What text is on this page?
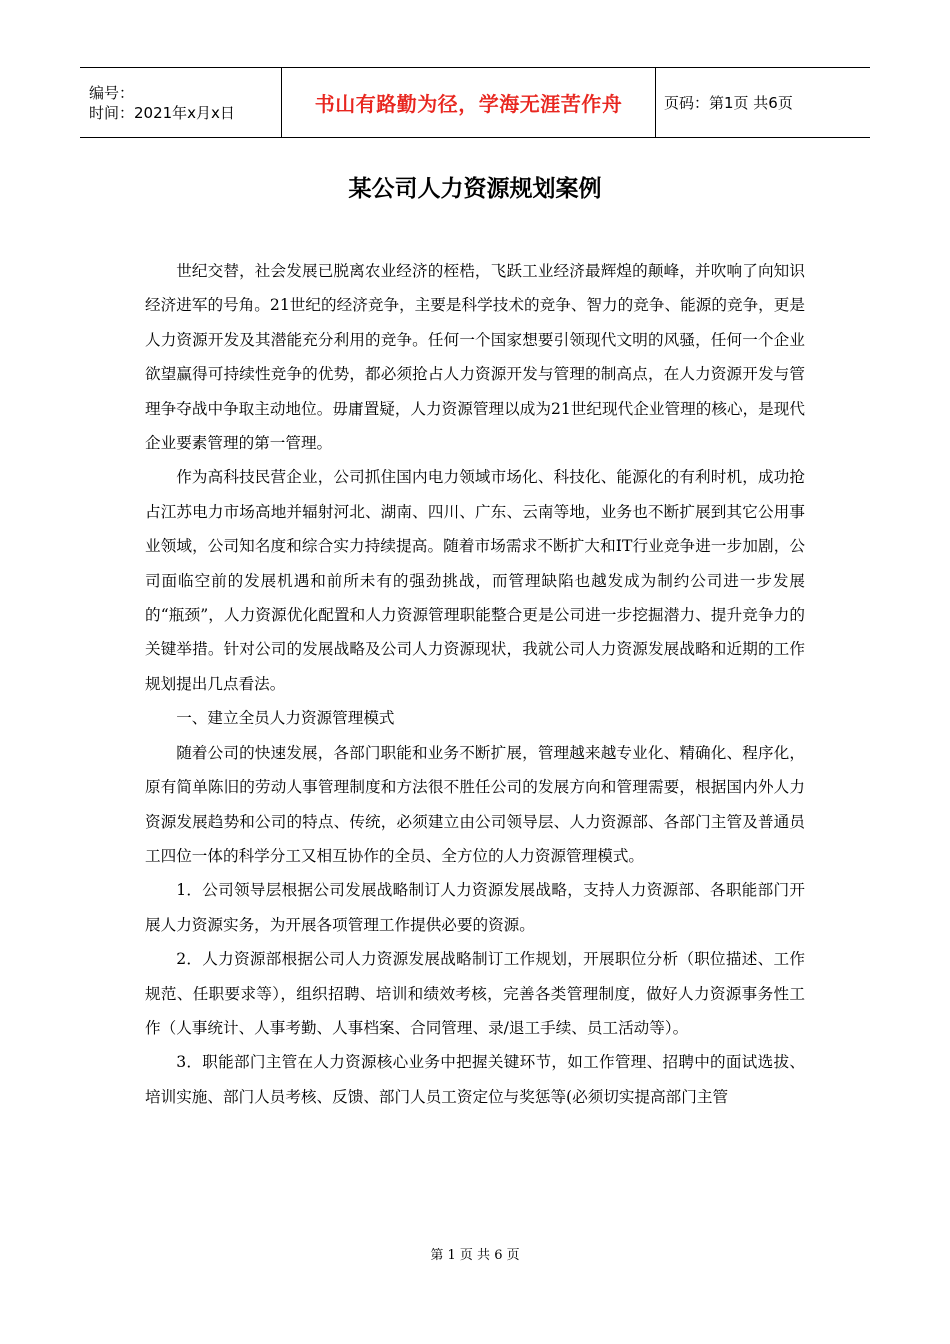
编号：
时间：2021年x月x日	书山有路勤为径，学海无涯苦作舟	页码：第1页 共6页
某公司人力资源规划案例

世纪交替，社会发展已脱离农业经济的桎梏，飞跃工业经济最辉煌的颠峰，并吹响了向知识经济进军的号角。21世纪的经济竞争，主要是科学技术的竞争、智力的竞争、能源的竞争，更是人力资源开发及其潜能充分利用的竞争。任何一个国家想要引领现代文明的风骚，任何一个企业欲望赢得可持续性竞争的优势，都必须抢占人力资源开发与管理的制高点，在人力资源开发与管理争夺战中争取主动地位。毋庸置疑，人力资源管理以成为21世纪现代企业管理的核心，是现代企业要素管理的第一管理。

作为高科技民营企业，公司抓住国内电力领域市场化、科技化、能源化的有利时机，成功抢占江苏电力市场高地并辐射河北、湖南、四川、广东、云南等地，业务也不断扩展到其它公用事业领域，公司知名度和综合实力持续提高。随着市场需求不断扩大和IT行业竞争进一步加剧，公司面临空前的发展机遇和前所未有的强劲挑战，而管理缺陷也越发成为制约公司进一步发展的“瓶颈”，人力资源优化配置和人力资源管理职能整合更是公司进一步挖掘潜力、提升竞争力的关键举措。针对公司的发展战略及公司人力资源现状，我就公司人力资源发展战略和近期的工作规划提出几点看法。

一、建立全员人力资源管理模式

随着公司的快速发展，各部门职能和业务不断扩展，管理越来越专业化、精确化、程序化，原有简单陈旧的劳动人事管理制度和方法很不胜任公司的发展方向和管理需要，根据国内外人力资源发展趋势和公司的特点、传统，必须建立由公司领导层、人力资源部、各部门主管及普通员工四位一体的科学分工又相互协作的全员、全方位的人力资源管理模式。

1．公司领导层根据公司发展战略制订人力资源发展战略，支持人力资源部、各职能部门开展人力资源实务，为开展各项管理工作提供必要的资源。

2．人力资源部根据公司人力资源发展战略制订工作规划，开展职位分析（职位描述、工作规范、任职要求等），组织招聘、培训和绩效考核，完善各类管理制度，做好人力资源事务性工作（人事统计、人事考勤、人事档案、合同管理、录/退工手续、员工活动等）。

3．职能部门主管在人力资源核心业务中把握关键环节，如工作管理、招聘中的面试选拔、培训实施、部门人员考核、反馈、部门人员工资定位与奖惩等(必须切实提高部门主管

第 1 页 共 6 页
